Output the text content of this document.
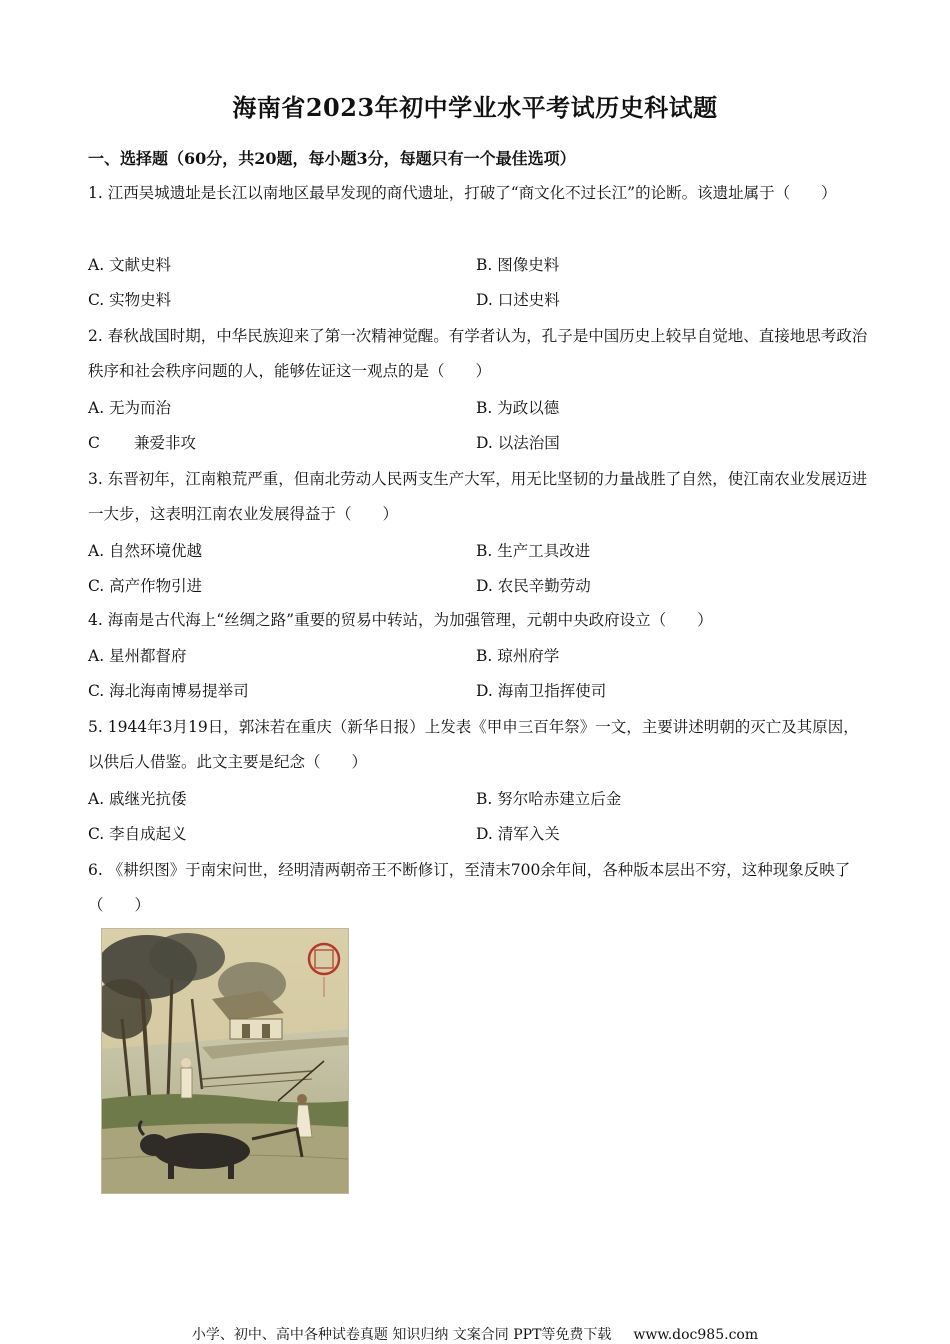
海南省2023年初中学业水平考试历史科试题
一、选择题（60分，共20题，每小题3分，每题只有一个最佳选项）
1. 江西吴城遗址是长江以南地区最早发现的商代遗址，打破了“商文化不过长江”的论断。该遗址属于（　　）
A. 文献史料	B. 图像史料
C. 实物史料	D. 口述史料
2. 春秋战国时期，中华民族迎来了第一次精神觉醒。有学者认为，孔子是中国历史上较早自觉地、直接地思考政治秩序和社会秩序问题的人，能够佐证这一观点的是（　　）
A. 无为而治	B. 为政以德
C 兼爱非攻	D. 以法治国
3. 东晋初年，江南粮荒严重，但南北劳动人民两支生产大军，用无比坚韧的力量战胜了自然，使江南农业发展迈进一大步，这表明江南农业发展得益于（　　）
A. 自然环境优越	B. 生产工具改进
C. 高产作物引进	D. 农民辛勤劳动
4. 海南是古代海上“丝绸之路”重要的贸易中转站，为加强管理，元朝中央政府设立（　　）
A. 星州都督府	B. 琼州府学
C. 海北海南博易提举司	D. 海南卫指挥使司
5. 1944年3月19日，郭沫若在重庆（新华日报）上发表《甲申三百年祭》一文，主要讲述明朝的灭亡及其原因，以供后人借鉴。此文主要是纪念（　　）
A. 戚继光抗倭	B. 努尔哈赤建立后金
C. 李自成起义	D. 清军入关
6. 《耕织图》于南宋问世，经明清两朝帝王不断修订，至清末700余年间，各种版本层出不穷，这种现象反映了（　　）
小学、初中、高中各种试卷真题 知识归纳 文案合同 PPT等免费下载 www.doc985.com
